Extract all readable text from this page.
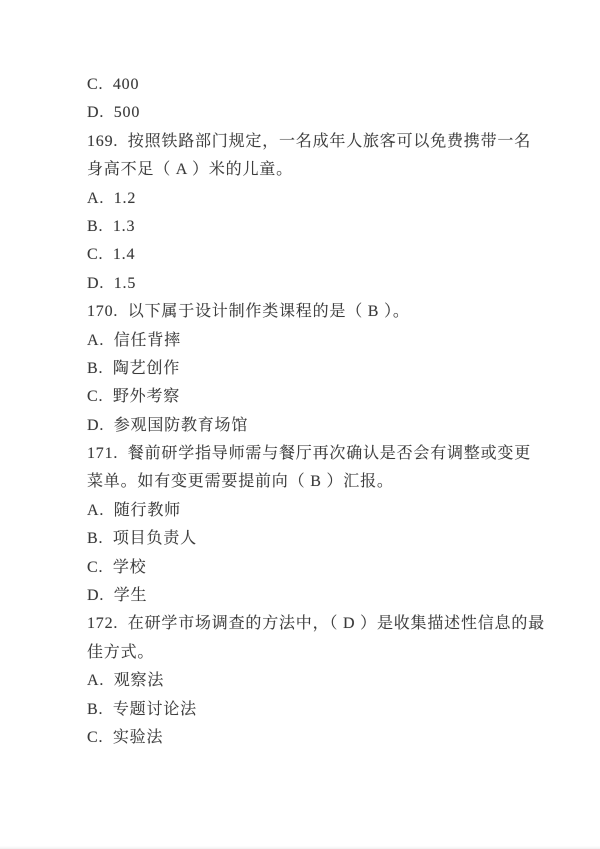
C.  400
D.  500
169.  按照铁路部门规定，一名成年人旅客可以免费携带一名
身高不足（ A ）米的儿童。
A.  1.2
B.  1.3
C.  1.4
D.  1.5
170.  以下属于设计制作类课程的是（ B ）。
A.  信任背摔
B.  陶艺创作
C.  野外考察
D.  参观国防教育场馆
171.  餐前研学指导师需与餐厅再次确认是否会有调整或变更
菜单。如有变更需要提前向（ B ）汇报。
A.  随行教师
B.  项目负责人
C.  学校
D.  学生
172.  在研学市场调查的方法中，（ D ）是收集描述性信息的最
佳方式。
A.  观察法
B.  专题讨论法
C.  实验法
